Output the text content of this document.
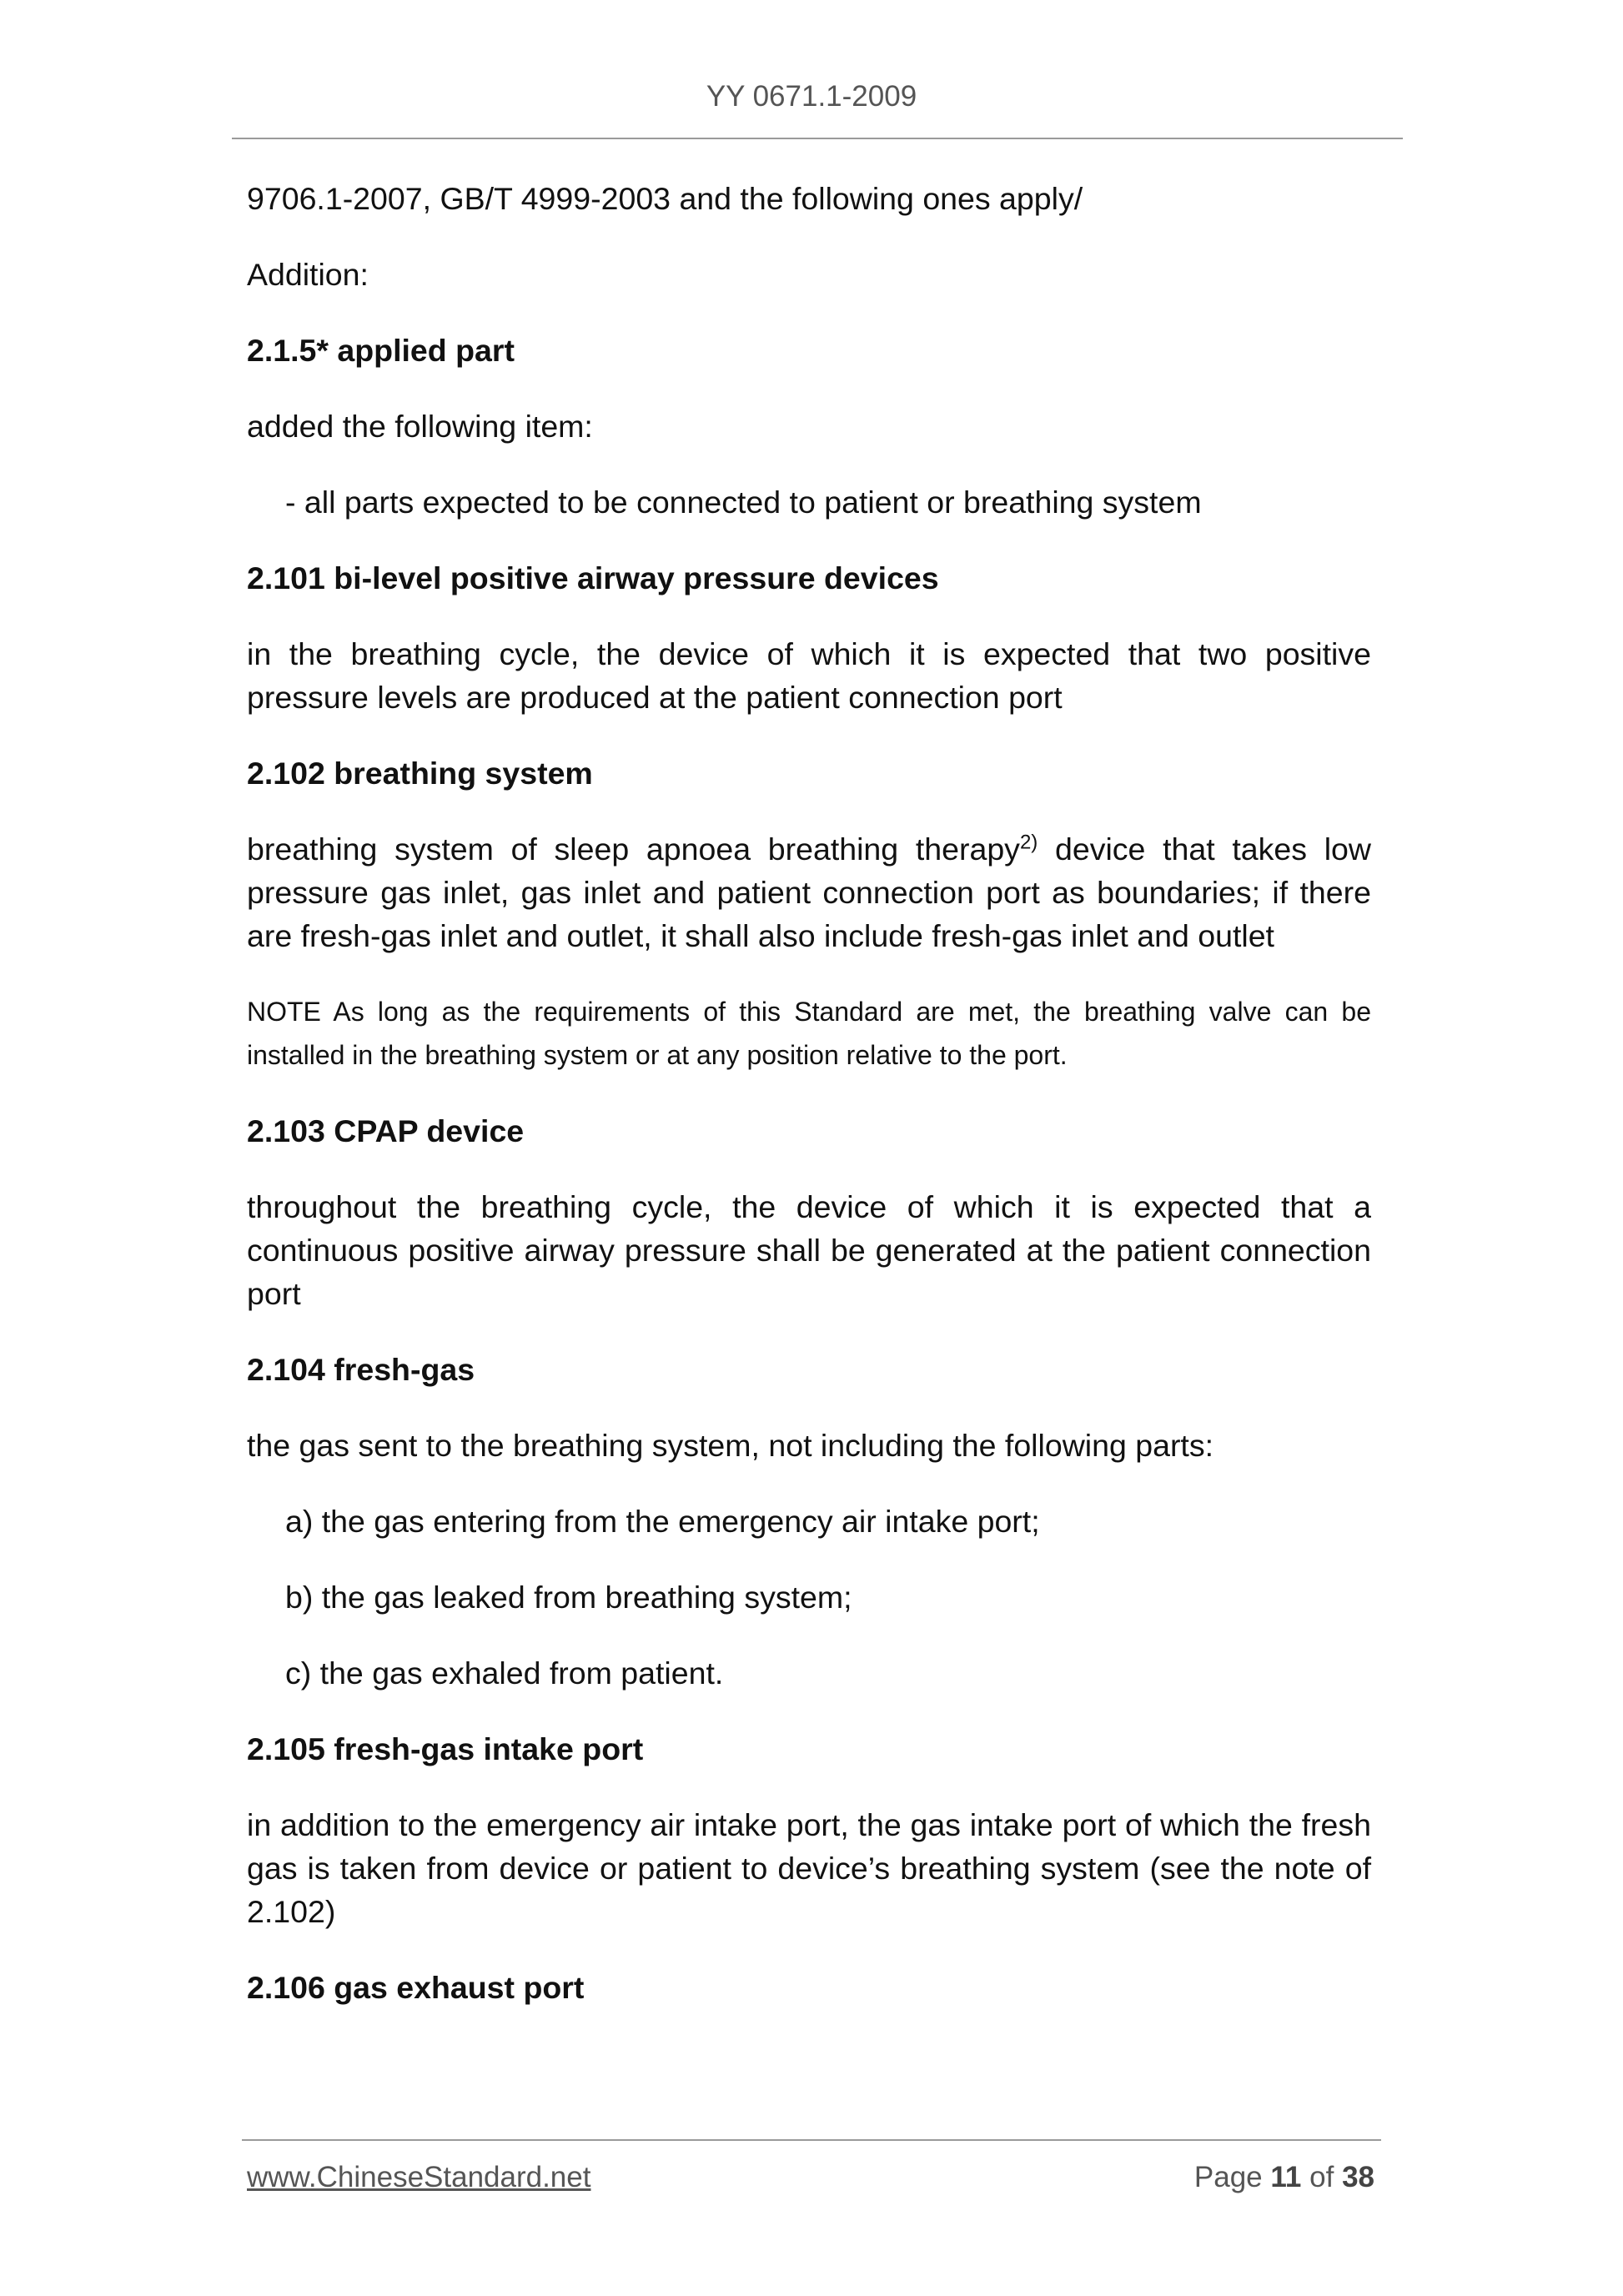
YY 0671.1-2009

9706.1-2007, GB/T 4999-2003 and the following ones apply/

Addition:

2.1.5* applied part

added the following item:

- all parts expected to be connected to patient or breathing system

2.101 bi-level positive airway pressure devices

in the breathing cycle, the device of which it is expected that two positive pressure levels are produced at the patient connection port

2.102 breathing system

breathing system of sleep apnoea breathing therapy$^{2)}$ device that takes low pressure gas inlet, gas inlet and patient connection port as boundaries; if there are fresh-gas inlet and outlet, it shall also include fresh-gas inlet and outlet

NOTE As long as the requirements of this Standard are met, the breathing valve can be installed in the breathing system or at any position relative to the port.

2.103 CPAP device

throughout the breathing cycle, the device of which it is expected that a continuous positive airway pressure shall be generated at the patient connection port

2.104 fresh-gas

the gas sent to the breathing system, not including the following parts:

a) the gas entering from the emergency air intake port;

b) the gas leaked from breathing system;

c) the gas exhaled from patient.

2.105 fresh-gas intake port

in addition to the emergency air intake port, the gas intake port of which the fresh gas is taken from device or patient to device’s breathing system (see the note of 2.102)

2.106 gas exhaust port
www.ChineseStandard.net	Page 11 of 38
